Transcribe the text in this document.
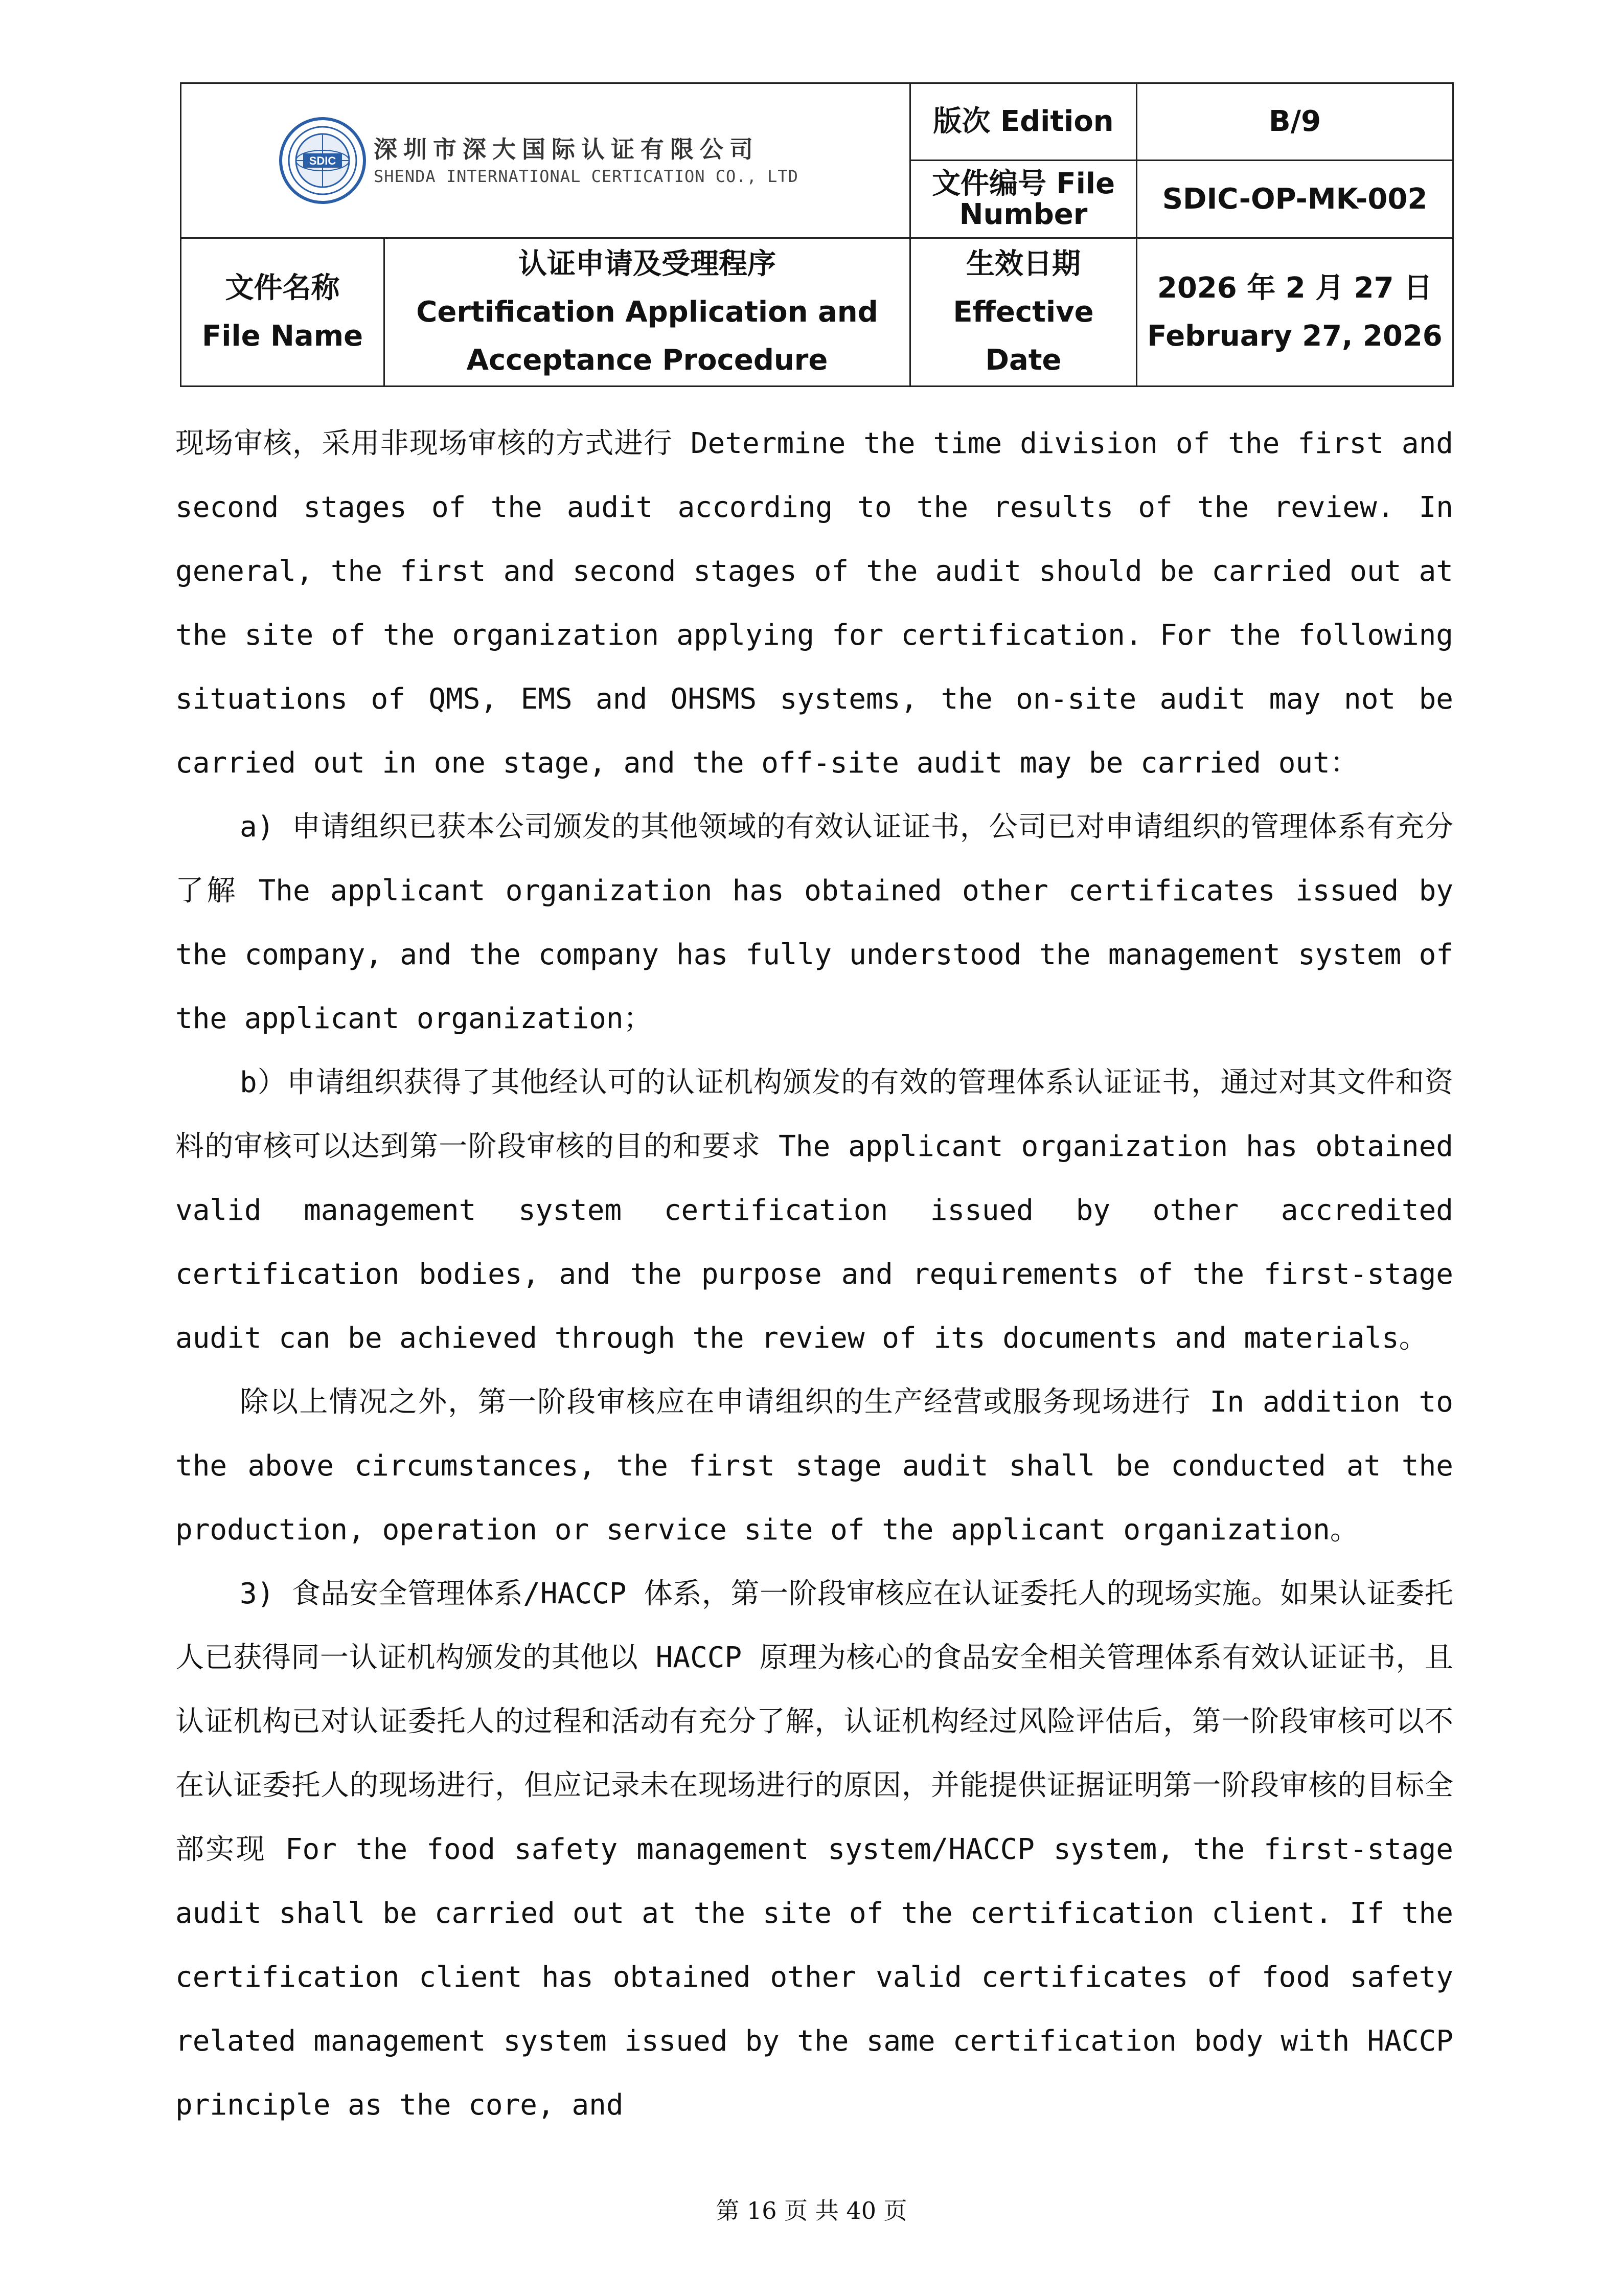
SDIC 深圳市深大国际认证有限公司
SHENDA INTERNATIONAL CERTICATION CO., LTD
版次 Edition	B/9
文件编号 File
Number	SDIC-OP-MK-002
文件名称
File Name
认证申请及受理程序
Certification Application and
Acceptance Procedure
生效日期
Effective
Date
2026 年 2 月 27 日
February 27, 2026

现场审核，采用非现场审核的方式进行 Determine the time division of the first and second stages of the audit according to the results of the review. In general, the first and second stages of the audit should be carried out at the site of the organization applying for certification. For the following situations of QMS, EMS and OHSMS systems, the on-site audit may not be carried out in one stage, and the off-site audit may be carried out：

a) 申请组织已获本公司颁发的其他领域的有效认证证书，公司已对申请组织的管理体系有充分了解 The applicant organization has obtained other certificates issued by the company, and the company has fully understood the management system of the applicant organization；

b）申请组织获得了其他经认可的认证机构颁发的有效的管理体系认证证书，通过对其文件和资料的审核可以达到第一阶段审核的目的和要求 The applicant organization has obtained valid management system certification issued by other accredited certification bodies, and the purpose and requirements of the first-stage audit can be achieved through the review of its documents and materials。

除以上情况之外，第一阶段审核应在申请组织的生产经营或服务现场进行 In addition to the above circumstances, the first stage audit shall be conducted at the production, operation or service site of the applicant organization。

3) 食品安全管理体系/HACCP 体系，第一阶段审核应在认证委托人的现场实施。如果认证委托人已获得同一认证机构颁发的其他以 HACCP 原理为核心的食品安全相关管理体系有效认证证书，且认证机构已对认证委托人的过程和活动有充分了解，认证机构经过风险评估后，第一阶段审核可以不在认证委托人的现场进行，但应记录未在现场进行的原因，并能提供证据证明第一阶段审核的目标全部实现 For the food safety management system/HACCP system, the first-stage audit shall be carried out at the site of the certification client. If the certification client has obtained other valid certificates of food safety related management system issued by the same certification body with HACCP principle as the core, and

第 16 页 共 40 页
